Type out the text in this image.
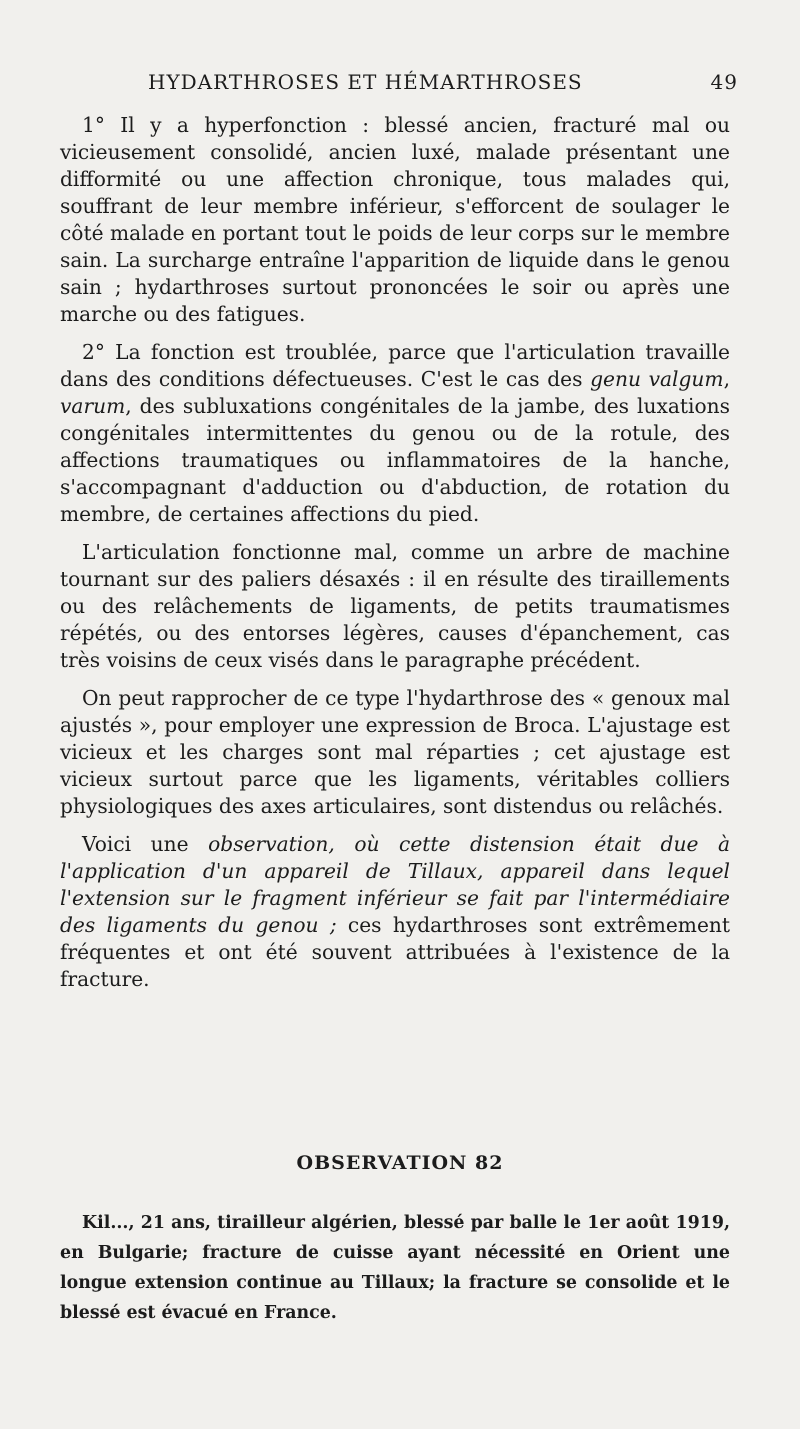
HYDARTHROSES ET HÉMARTHROSES	49

1° Il y a hyperfonction : blessé ancien, fracturé mal ou vicieusement consolidé, ancien luxé, malade présentant une difformité ou une affection chronique, tous malades qui, souffrant de leur membre inférieur, s'efforcent de soulager le côté malade en portant tout le poids de leur corps sur le membre sain. La surcharge entraîne l'apparition de liquide dans le genou sain ; hydarthroses surtout prononcées le soir ou après une marche ou des fatigues.

2° La fonction est troublée, parce que l'articulation travaille dans des conditions défectueuses. C'est le cas des genu valgum, varum, des subluxations congénitales de la jambe, des luxations congénitales intermittentes du genou ou de la rotule, des affections traumatiques ou inflammatoires de la hanche, s'accompagnant d'adduction ou d'abduction, de rotation du membre, de certaines affections du pied.

L'articulation fonctionne mal, comme un arbre de machine tournant sur des paliers désaxés : il en résulte des tiraillements ou des relâchements de ligaments, de petits traumatismes répétés, ou des entorses légères, causes d'épanchement, cas très voisins de ceux visés dans le paragraphe précédent.

On peut rapprocher de ce type l'hydarthrose des « genoux mal ajustés », pour employer une expression de Broca. L'ajustage est vicieux et les charges sont mal réparties ; cet ajustage est vicieux surtout parce que les ligaments, véritables colliers physiologiques des axes articulaires, sont distendus ou relâchés.

Voici une observation, où cette distension était due à l'application d'un appareil de Tillaux, appareil dans lequel l'extension sur le fragment inférieur se fait par l'intermédiaire des ligaments du genou ; ces hydarthroses sont extrêmement fréquentes et ont été souvent attribuées à l'existence de la fracture.

OBSERVATION 82

Kil..., 21 ans, tirailleur algérien, blessé par balle le 1er août 1919, en Bulgarie; fracture de cuisse ayant nécessité en Orient une longue extension continue au Tillaux; la fracture se consolide et le blessé est évacué en France.
